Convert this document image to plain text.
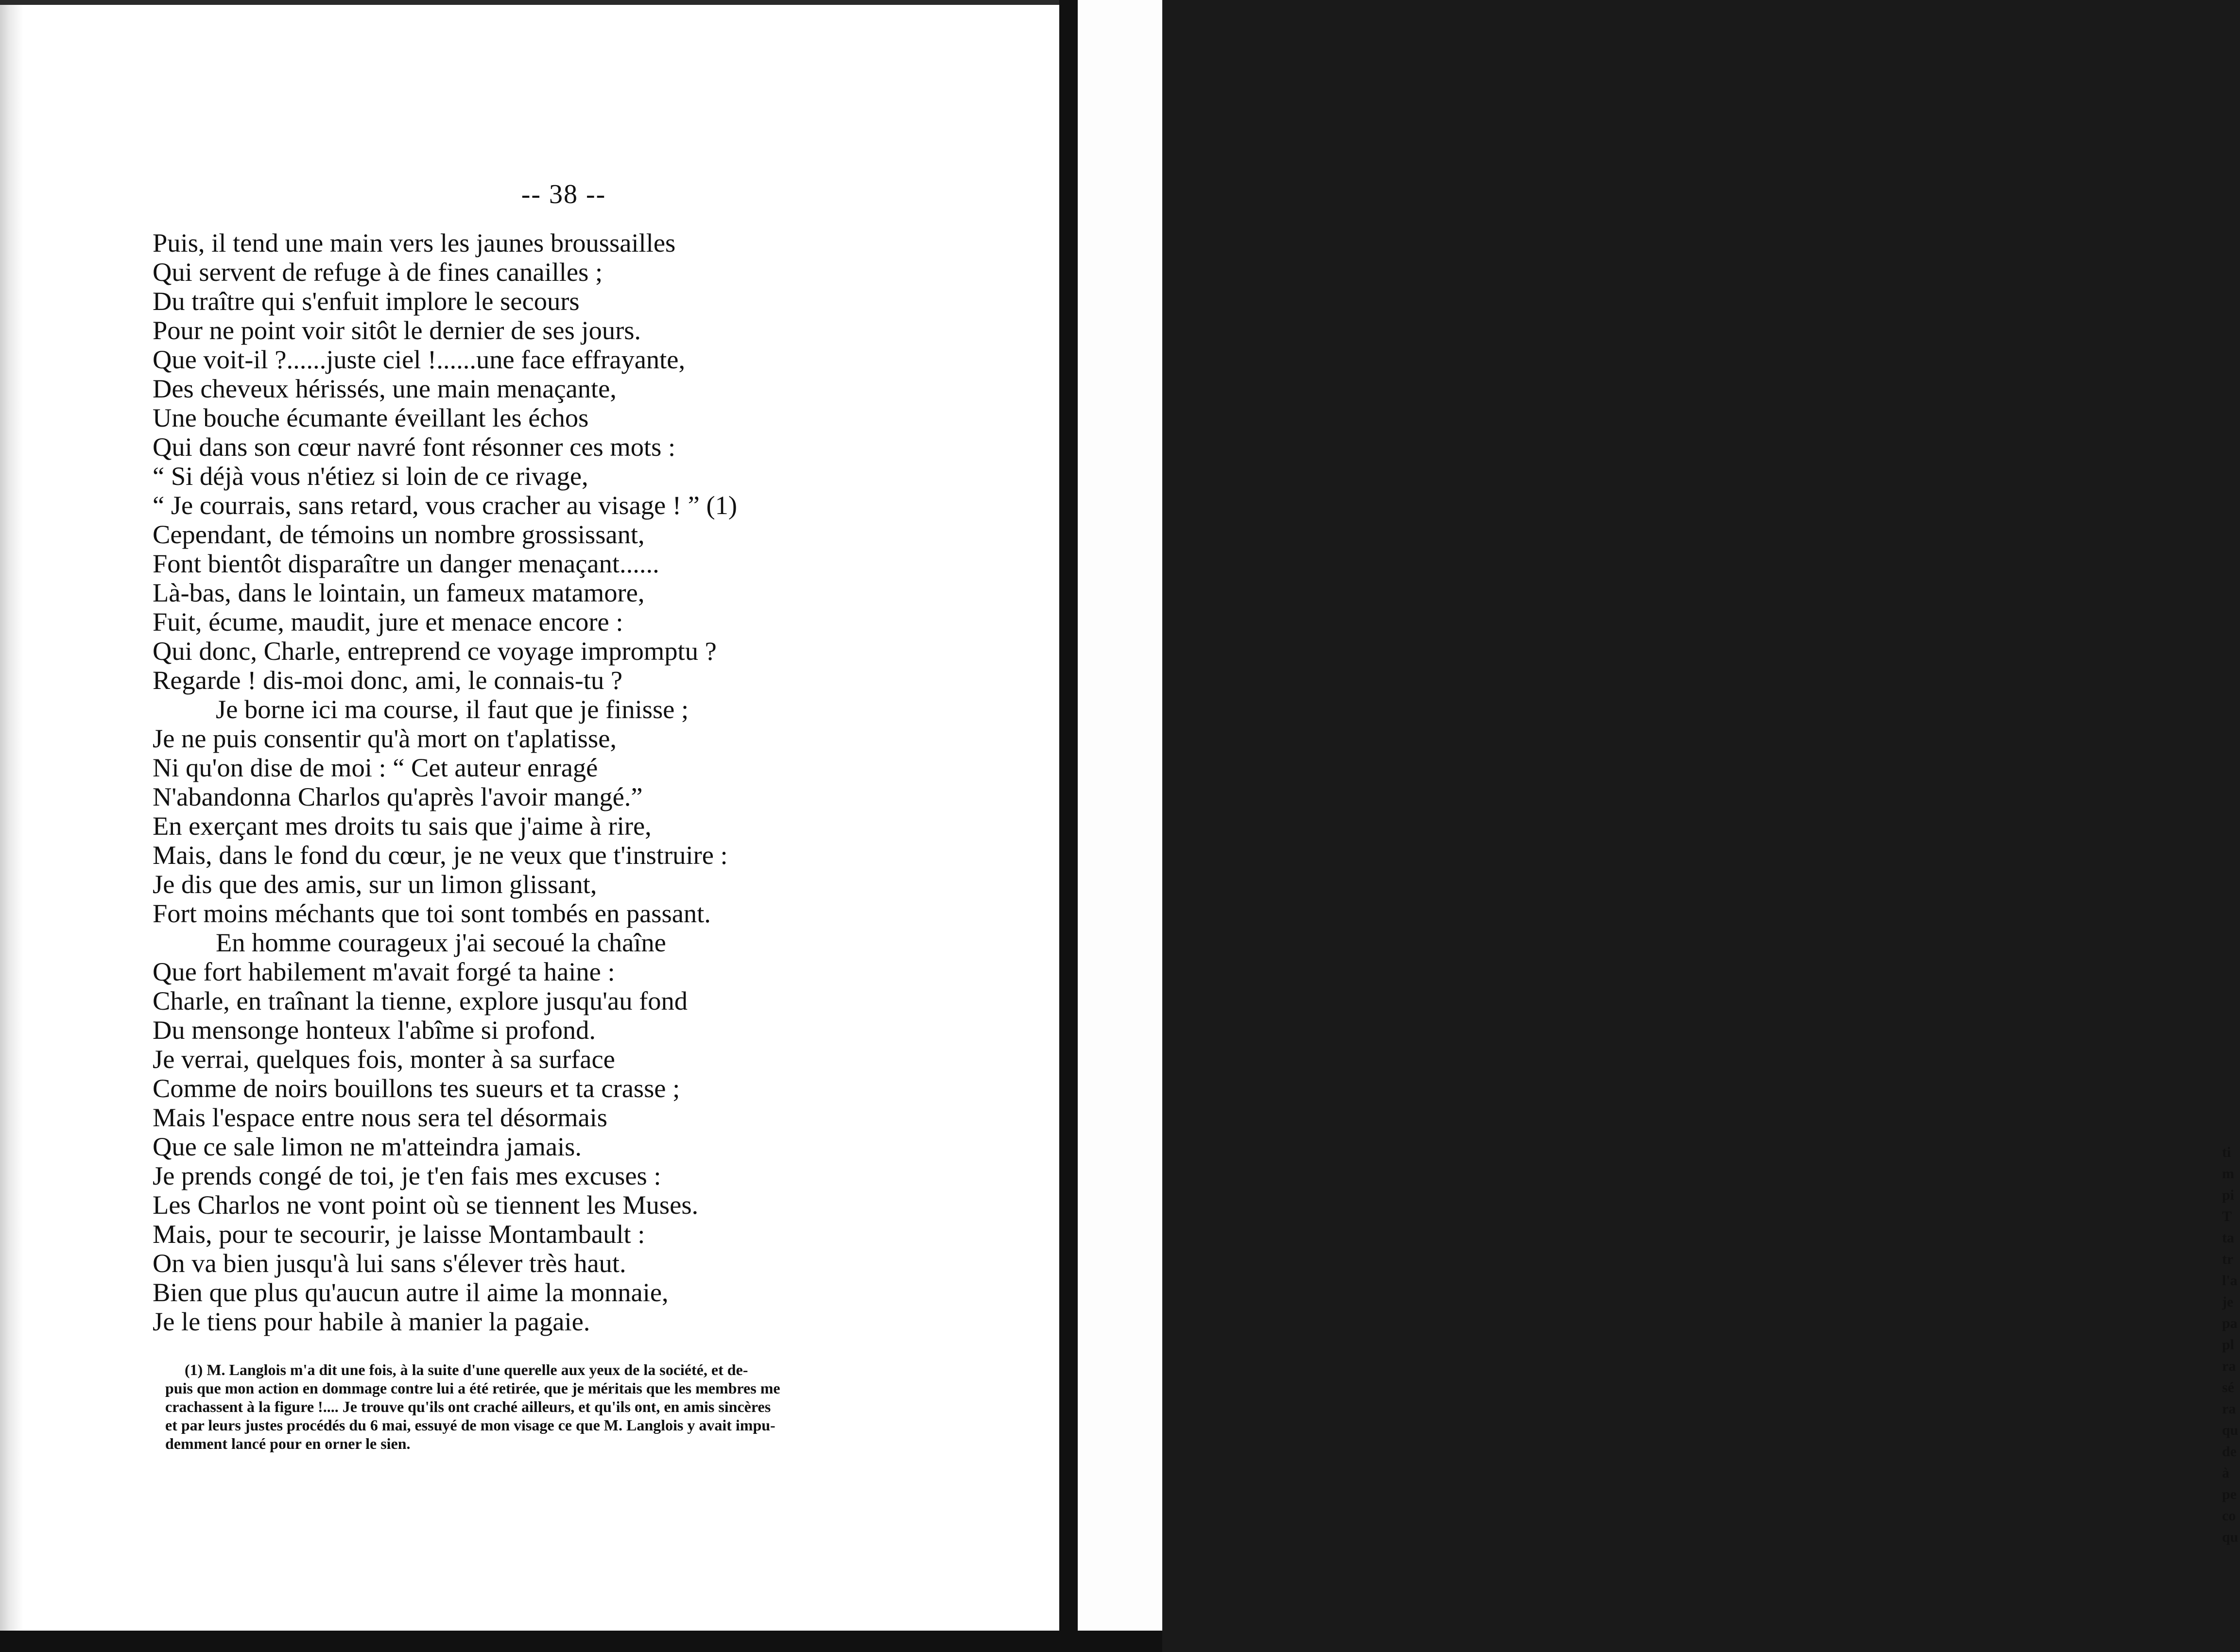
-- 38 --
Puis, il tend une main vers les jaunes broussailles
Qui servent de refuge à de fines canailles ;
Du traître qui s'enfuit implore le secours
Pour ne point voir sitôt le dernier de ses jours.
Que voit-il ?......juste ciel !......une face effrayante,
Des cheveux hérissés, une main menaçante,
Une bouche écumante éveillant les échos
Qui dans son cœur navré font résonner ces mots :
“ Si déjà vous n'étiez si loin de ce rivage,
“ Je courrais, sans retard, vous cracher au visage ! ” (1)
Cependant, de témoins un nombre grossissant,
Font bientôt disparaître un danger menaçant......
Là-bas, dans le lointain, un fameux matamore,
Fuit, écume, maudit, jure et menace encore :
Qui donc, Charle, entreprend ce voyage impromptu ?
Regarde ! dis-moi donc, ami, le connais-tu ?
Je borne ici ma course, il faut que je finisse ;
Je ne puis consentir qu'à mort on t'aplatisse,
Ni qu'on dise de moi : “ Cet auteur enragé
N'abandonna Charlos qu'après l'avoir mangé.”
En exerçant mes droits tu sais que j'aime à rire,
Mais, dans le fond du cœur, je ne veux que t'instruire :
Je dis que des amis, sur un limon glissant,
Fort moins méchants que toi sont tombés en passant.
En homme courageux j'ai secoué la chaîne
Que fort habilement m'avait forgé ta haine :
Charle, en traînant la tienne, explore jusqu'au fond
Du mensonge honteux l'abîme si profond.
Je verrai, quelques fois, monter à sa surface
Comme de noirs bouillons tes sueurs et ta crasse ;
Mais l'espace entre nous sera tel désormais
Que ce sale limon ne m'atteindra jamais.
Je prends congé de toi, je t'en fais mes excuses :
Les Charlos ne vont point où se tiennent les Muses.
Mais, pour te secourir, je laisse Montambault :
On va bien jusqu'à lui sans s'élever très haut.
Bien que plus qu'aucun autre il aime la monnaie,
Je le tiens pour habile à manier la pagaie.
(1) M. Langlois m'a dit une fois, à la suite d'une querelle aux yeux de la société, et de-
puis que mon action en dommage contre lui a été retirée, que je méritais que les membres me
crachassent à la figure !.... Je trouve qu'ils ont craché ailleurs, et qu'ils ont, en amis sincères
et par leurs justes procédés du 6 mai, essuyé de mon visage ce que M. Langlois y avait impu-
demment lancé pour en orner le sien.
ti
m
pi
T
ta
tr
l'a
je
pa
pl
ra
sé
ra
qu
de
à
pe
co
qu
